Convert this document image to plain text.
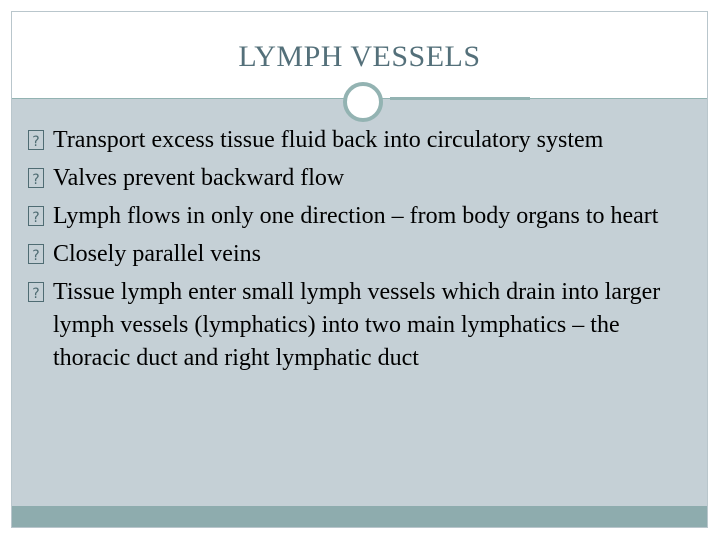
LYMPH VESSELS
?
Transport excess tissue fluid back into circulatory system
?
Valves prevent backward flow
?
Lymph flows in only one direction – from body organs to heart
?
Closely parallel veins
?
Tissue lymph enter small lymph vessels which drain into larger lymph vessels (lymphatics) into two main lymphatics – the thoracic duct and right lymphatic duct
